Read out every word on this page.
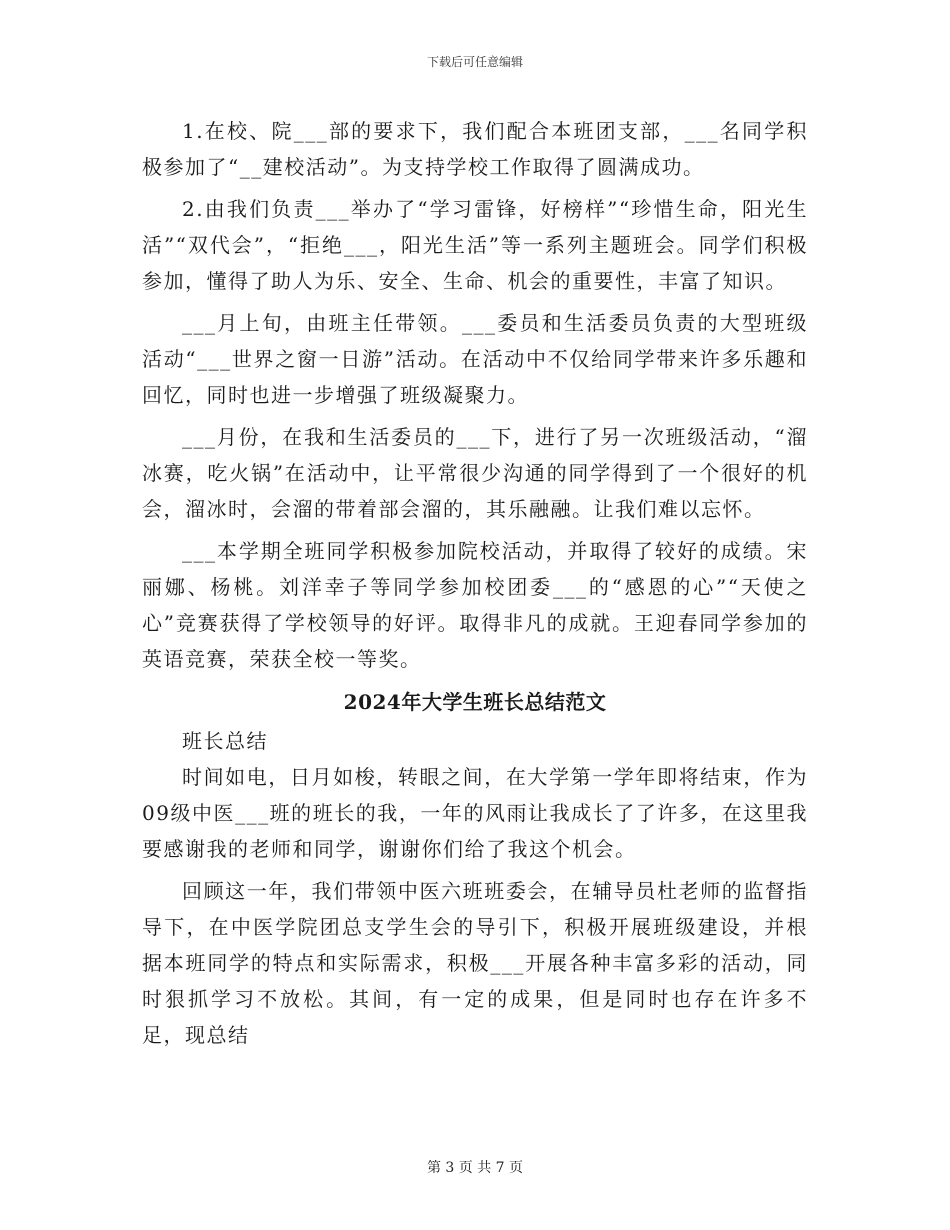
下载后可任意编辑

1.在校、院___部的要求下，我们配合本班团支部，___名同学积极参加了“__建校活动”。为支持学校工作取得了圆满成功。

2.由我们负责___举办了“学习雷锋，好榜样”“珍惜生命，阳光生活”“双代会”，“拒绝___，阳光生活”等一系列主题班会。同学们积极参加，懂得了助人为乐、安全、生命、机会的重要性，丰富了知识。

___月上旬，由班主任带领。___委员和生活委员负责的大型班级活动“___世界之窗一日游”活动。在活动中不仅给同学带来许多乐趣和回忆，同时也进一步增强了班级凝聚力。

___月份，在我和生活委员的___下，进行了另一次班级活动，“溜冰赛，吃火锅”在活动中，让平常很少沟通的同学得到了一个很好的机会，溜冰时，会溜的带着部会溜的，其乐融融。让我们难以忘怀。

___本学期全班同学积极参加院校活动，并取得了较好的成绩。宋丽娜、杨桃。刘洋幸子等同学参加校团委___的“感恩的心”“天使之心”竞赛获得了学校领导的好评。取得非凡的成就。王迎春同学参加的英语竞赛，荣获全校一等奖。

2024年大学生班长总结范文

班长总结

时间如电，日月如梭，转眼之间，在大学第一学年即将结束，作为09级中医___班的班长的我，一年的风雨让我成长了了许多，在这里我要感谢我的老师和同学，谢谢你们给了我这个机会。

回顾这一年，我们带领中医六班班委会，在辅导员杜老师的监督指导下，在中医学院团总支学生会的导引下，积极开展班级建设，并根据本班同学的特点和实际需求，积极___开展各种丰富多彩的活动，同时狠抓学习不放松。其间，有一定的成果，但是同时也存在许多不足，现总结

第 3 页 共 7 页
